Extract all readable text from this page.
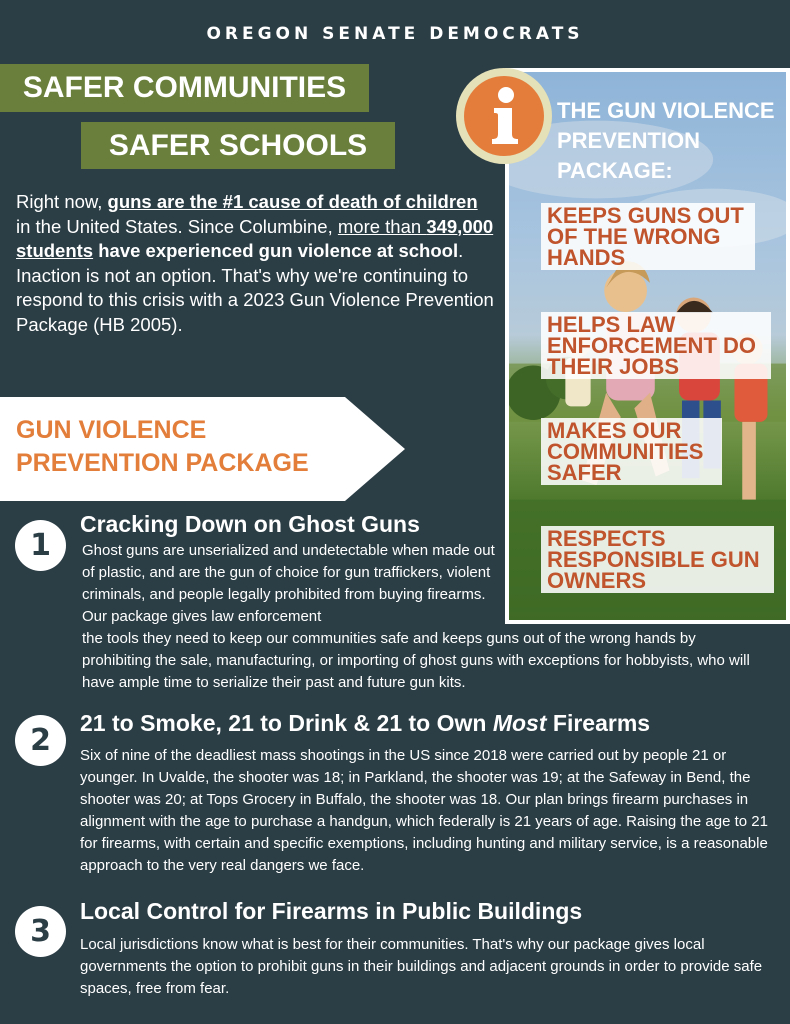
OREGON SENATE DEMOCRATS
SAFER COMMUNITIES
SAFER SCHOOLS
Right now, guns are the #1 cause of death of children in the United States. Since Columbine, more than 349,000 students have experienced gun violence at school. Inaction is not an option. That's why we're continuing to respond to this crisis with a 2023 Gun Violence Prevention Package (HB 2005).
GUN VIOLENCE
PREVENTION PACKAGE
THE GUN VIOLENCE
PREVENTION
PACKAGE:
KEEPS GUNS OUT
OF THE WRONG
HANDS
HELPS LAW
ENFORCEMENT DO
THEIR JOBS
MAKES OUR
COMMUNITIES
SAFER
RESPECTS
RESPONSIBLE GUN
OWNERS
1
Cracking Down on Ghost Guns
Ghost guns are unserialized and undetectable when made out of plastic, and are the gun of choice for gun traffickers, violent criminals, and people legally prohibited from buying firearms. Our package gives law enforcement
the tools they need to keep our communities safe and keeps guns out of the wrong hands by prohibiting the sale, manufacturing, or importing of ghost guns with exceptions for hobbyists, who will have ample time to serialize their past and future gun kits.
2	21 to Smoke, 21 to Drink & 21 to Own Most Firearms
Six of nine of the deadliest mass shootings in the US since 2018 were carried out by people 21 or younger. In Uvalde, the shooter was 18; in Parkland, the shooter was 19; at the Safeway in Bend, the shooter was 20; at Tops Grocery in Buffalo, the shooter was 18. Our plan brings firearm purchases in alignment with the age to purchase a handgun, which federally is 21 years of age. Raising the age to 21 for firearms, with certain and specific exemptions, including hunting and military service, is a reasonable approach to the very real dangers we face.
3
Local Control for Firearms in Public Buildings
Local jurisdictions know what is best for their communities. That's why our package gives local governments the option to prohibit guns in their buildings and adjacent grounds in order to provide safe spaces, free from fear.
